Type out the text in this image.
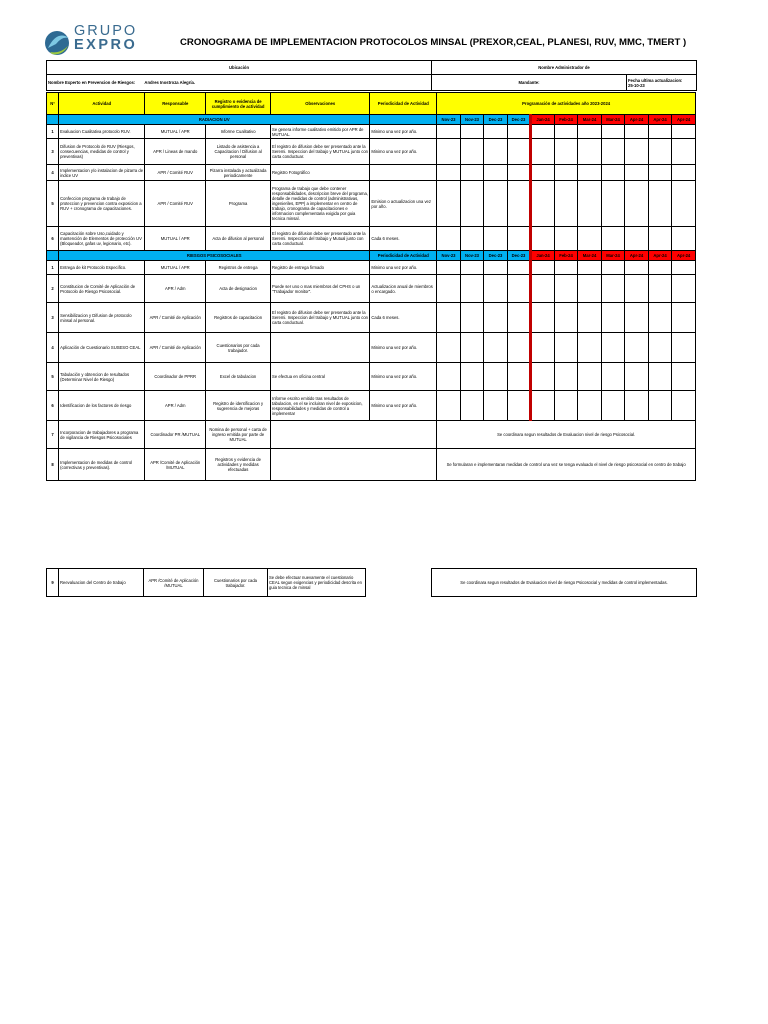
GRUPO
EXPRO	CRONOGRAMA DE IMPLEMENTACION PROTOCOLOS MINSAL (PREXOR,CEAL, PLANESI, RUV, MMC, TMERT )
Ubicación	Nombre Administrador de
Nombre Experto en Prevencion de Riesgos: Andres Inostroza Alegría.	Mandante:	Fecha ultima actualizacion:
25-10-23
N°	Actividad	Responsable	Registro o evidencia de cumplimiento de actividad	Observaciones	Periodicidad de Actividad	Programación de actividades año 2023-2024										
	RADIACION UV					Nov-23	Nov-23	Dec-23	Dec-23	Jan-24	Feb-24	Mar-24	Mar-24	Apr-24	Apr-24	Apr-24
1	Evaluacion Cualitativa protocolo RUV.	MUTUAL / APR	Informe Cualitativo	Se genera informe cualitativo emitido por APR de MUTUAL.	Minimo una vez por año.											
3	Difusion de Protocolo de RUV (Riesgos, consecuencias, medidas de control y preventivas)	APR / Lineas de mando	Listado de asistencia a Capacitacion / Difusion al personal	El registro de difusion debe ser presentado ante la Seremi. Inspeccion del trabajo y MUTUAL junto con carta conductuar.	Minimo una vez por año.											
4	Implementacion y/o instalacion de pizarra de indice UV	APR / Comité RUV	Pizarra instalada y actualizada periodicamente	Registro Fotográfico												
5	Confeccion programa de trabajo de proteccion y prevencion contra exposicion a RUV + cronograma de capacitaciones.	APR / Comité RUV	Programa	Programa de trabajo que debe contener responsabilidades, descripcion breve del programa, detalle de medidas de control (administrativas, ingenieriles, EPP) a implementar en centro de trabajo, cronograma de capacitaciones e informacion complementaria exigida por guia tecnica minsal.	Emision o actualizacion una vez por año.											
6	Capacitación sobre Uso,cuidado y mantención de Elementos de protección UV (Bloqueador, gafas uv, legionario, etc).	MUTUAL / APR	Acta de difusion al personal	El registro de difusion debe ser presentado ante la Seremi. Inspeccion del trabajo y Mutual junto con carta conductual.	Cada 6 meses.											
	RIESGOS PSICOSOCIALES				Periodicidad de Actividad	Nov-23	Nov-23	Dec-23	Dec-23	Jan-24	Feb-24	Mar-24	Mar-24	Apr-24	Apr-24	Apr-24
1	Entrega de kit Protocolo Especifico.	MUTUAL / APR	Registros de entrega	Registro de entrega firmado	Minimo una vez por año.											
2	Constitucion de Comité de Aplicación de Protocolo de Riesgo Psicosocial.	APR / Adm	Acta de designacion	Puede ser uno o mas miembros del CPHS o un "Trabajador monitor".	Actualizacion anual de miembros o encargado.											
3	Sensibilizacion y Difusion de protocolo minsal al personal.	APR / Comité de Aplicación	Registros de capacitacion	El registro de difusion debe ser presentado ante la Seremi. Inspeccion del trabajo y MUTUAL junto con carta conductual.	Cada 6 meses.											
4	Aplicación de Cuestionario SUSESO CEAL	APR / Comité de Aplicación	Cuestionarios por cada trabajador.		Minimo una vez por año.											
5	Tabulación y obtencion de resultados (Determinar Nivel de Riesgo)	Coordinador de PPRR	Excel de tabulacion	Se efectua en oficina central	Minimo una vez por año.											
6	Identificacion de los factores de riesgo	APR / Adm	Registro de identificacion y sugerencia de mejoras	Informe escrito emitido tras resultados de tabulacion, en el se incluiran nivel de exposicion, responsabilidades y medidas de control a implementar	Minimo una vez por año.											
7	Incorporacion de trabajadores a programa de vigilancia de Riesgos Psicosociales	Coordinador PR /MUTUAL	Nomina de personal + carta de ingreso emitida por parte de MUTUAL			Se coordinara segun resultados de Evaluacion nivel de riesgo Psicosocial.										
8	Implementacion de medidas de control (correctivas y preventivas).	APR /Comité de Aplicación /MUTUAL	Registros y evidencia de actividades y medidas efectuadas			Se formularan e implementaran medidas de control una vez se tenga evaluado el nivel de riesgo psicosocial en centro de trabajo										
9	Reevaluacion del Centro de trabajo	APR /Comité de Aplicación /MUTUAL	Cuestionarios por cada trabajador.	Se debe efectuar nuevamente el cuestionario CEAL segun exigencias y periodicidad descrita en guia tecnica de minsal		Se coordinara segun resultados de Evaluacion nivel de riesgo Psicosocial y medidas de control implementadas.
